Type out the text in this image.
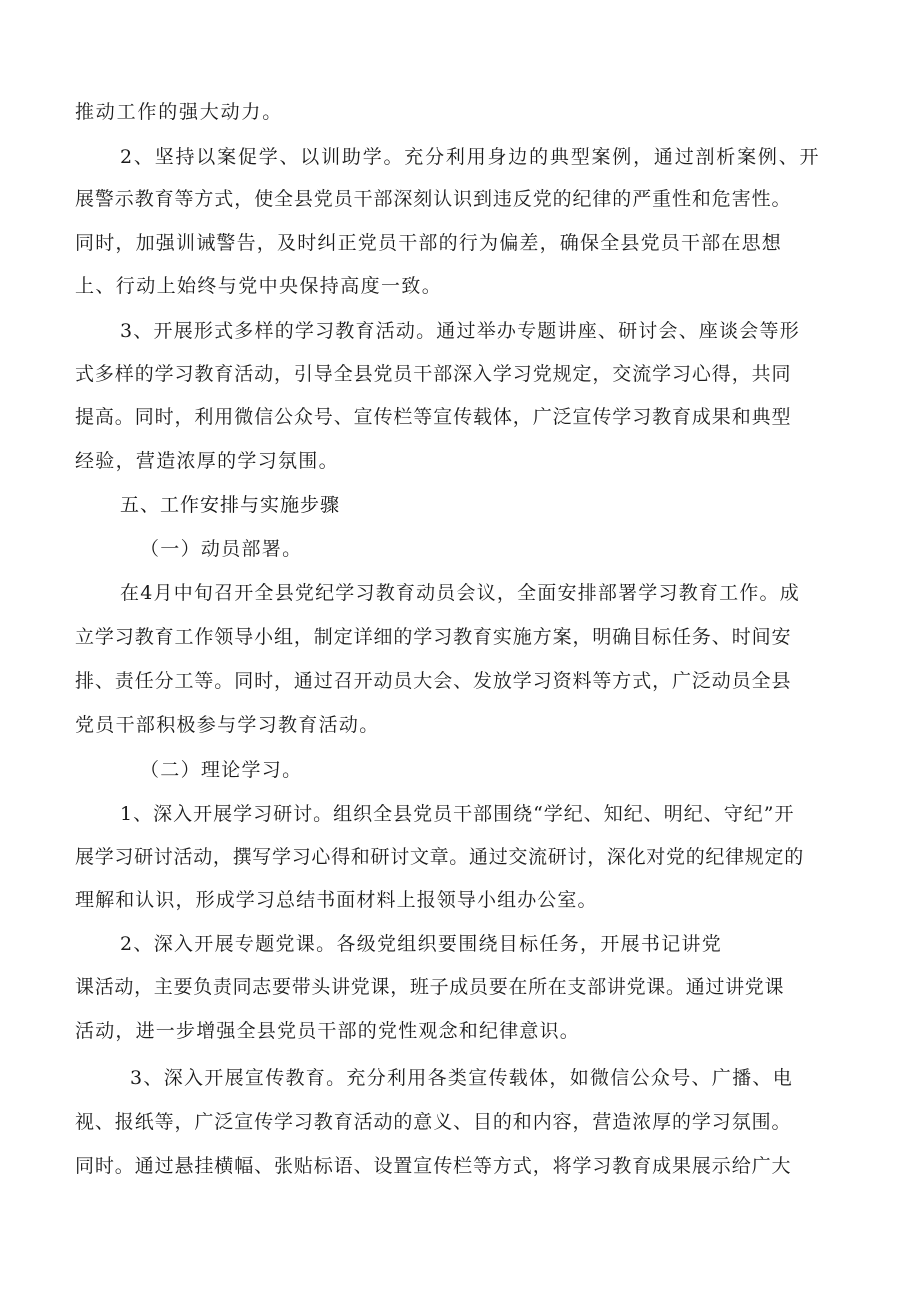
推动工作的强大动力。
2、坚持以案促学、以训助学。充分利用身边的典型案例，通过剖析案例、开
展警示教育等方式，使全县党员干部深刻认识到违反党的纪律的严重性和危害性。
同时，加强训诫警告，及时纠正党员干部的行为偏差，确保全县党员干部在思想
上、行动上始终与党中央保持高度一致。
3、开展形式多样的学习教育活动。通过举办专题讲座、研讨会、座谈会等形
式多样的学习教育活动，引导全县党员干部深入学习党规定，交流学习心得，共同
提高。同时，利用微信公众号、宣传栏等宣传载体，广泛宣传学习教育成果和典型
经验，营造浓厚的学习氛围。
五、工作安排与实施步骤
（一）动员部署。
在4月中旬召开全县党纪学习教育动员会议，全面安排部署学习教育工作。成
立学习教育工作领导小组，制定详细的学习教育实施方案，明确目标任务、时间安
排、责任分工等。同时，通过召开动员大会、发放学习资料等方式，广泛动员全县
党员干部积极参与学习教育活动。
（二）理论学习。
1、深入开展学习研讨。组织全县党员干部围绕“学纪、知纪、明纪、守纪”开
展学习研讨活动，撰写学习心得和研讨文章。通过交流研讨，深化对党的纪律规定的
理解和认识，形成学习总结书面材料上报领导小组办公室。
2、深入开展专题党课。各级党组织要围绕目标任务，开展书记讲党
课活动，主要负责同志要带头讲党课，班子成员要在所在支部讲党课。通过讲党课
活动，进一步增强全县党员干部的党性观念和纪律意识。
3、深入开展宣传教育。充分利用各类宣传载体，如微信公众号、广播、电
视、报纸等，广泛宣传学习教育活动的意义、目的和内容，营造浓厚的学习氛围。
同时。通过悬挂横幅、张贴标语、设置宣传栏等方式，将学习教育成果展示给广大
